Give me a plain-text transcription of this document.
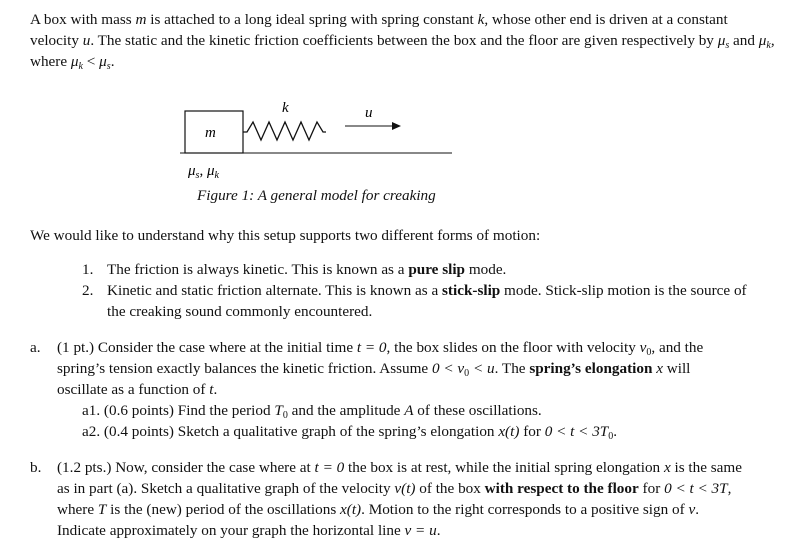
A box with mass m is attached to a long ideal spring with spring constant k, whose other end is driven at a constant velocity u. The static and the kinetic friction coefficients between the box and the floor are given respectively by $\mu_s$ and $\mu_k$, where $\mu_k < \mu_s$.

m
k	u
$\mu_s$, $\mu_k$

Figure 1: A general model for creaking

We would like to understand why this setup supports two different forms of motion:

1. The friction is always kinetic. This is known as a pure slip mode.

2. Kinetic and static friction alternate. This is known as a stick-slip mode. Stick-slip motion is the source of

the creaking sound commonly encountered.

a. (1 pt.) Consider the case where at the initial time t = 0, the box slides on the floor with velocity $v_0$, and the

spring’s tension exactly balances the kinetic friction. Assume $0 < v_0 < u$. The spring’s elongation x will

oscillate as a function of t.

a1. (0.6 points) Find the period $T_0$ and the amplitude A of these oscillations.

a2. (0.4 points) Sketch a qualitative graph of the spring’s elongation x(t) for $0 < t < 3T_0$.

b. (1.2 pts.) Now, consider the case where at t = 0 the box is at rest, while the initial spring elongation x is the same

as in part (a). Sketch a qualitative graph of the velocity v(t) of the box with respect to the floor for 0 < t < 3T,

where T is the (new) period of the oscillations x(t). Motion to the right corresponds to a positive sign of v.

Indicate approximately on your graph the horizontal line v = u.
